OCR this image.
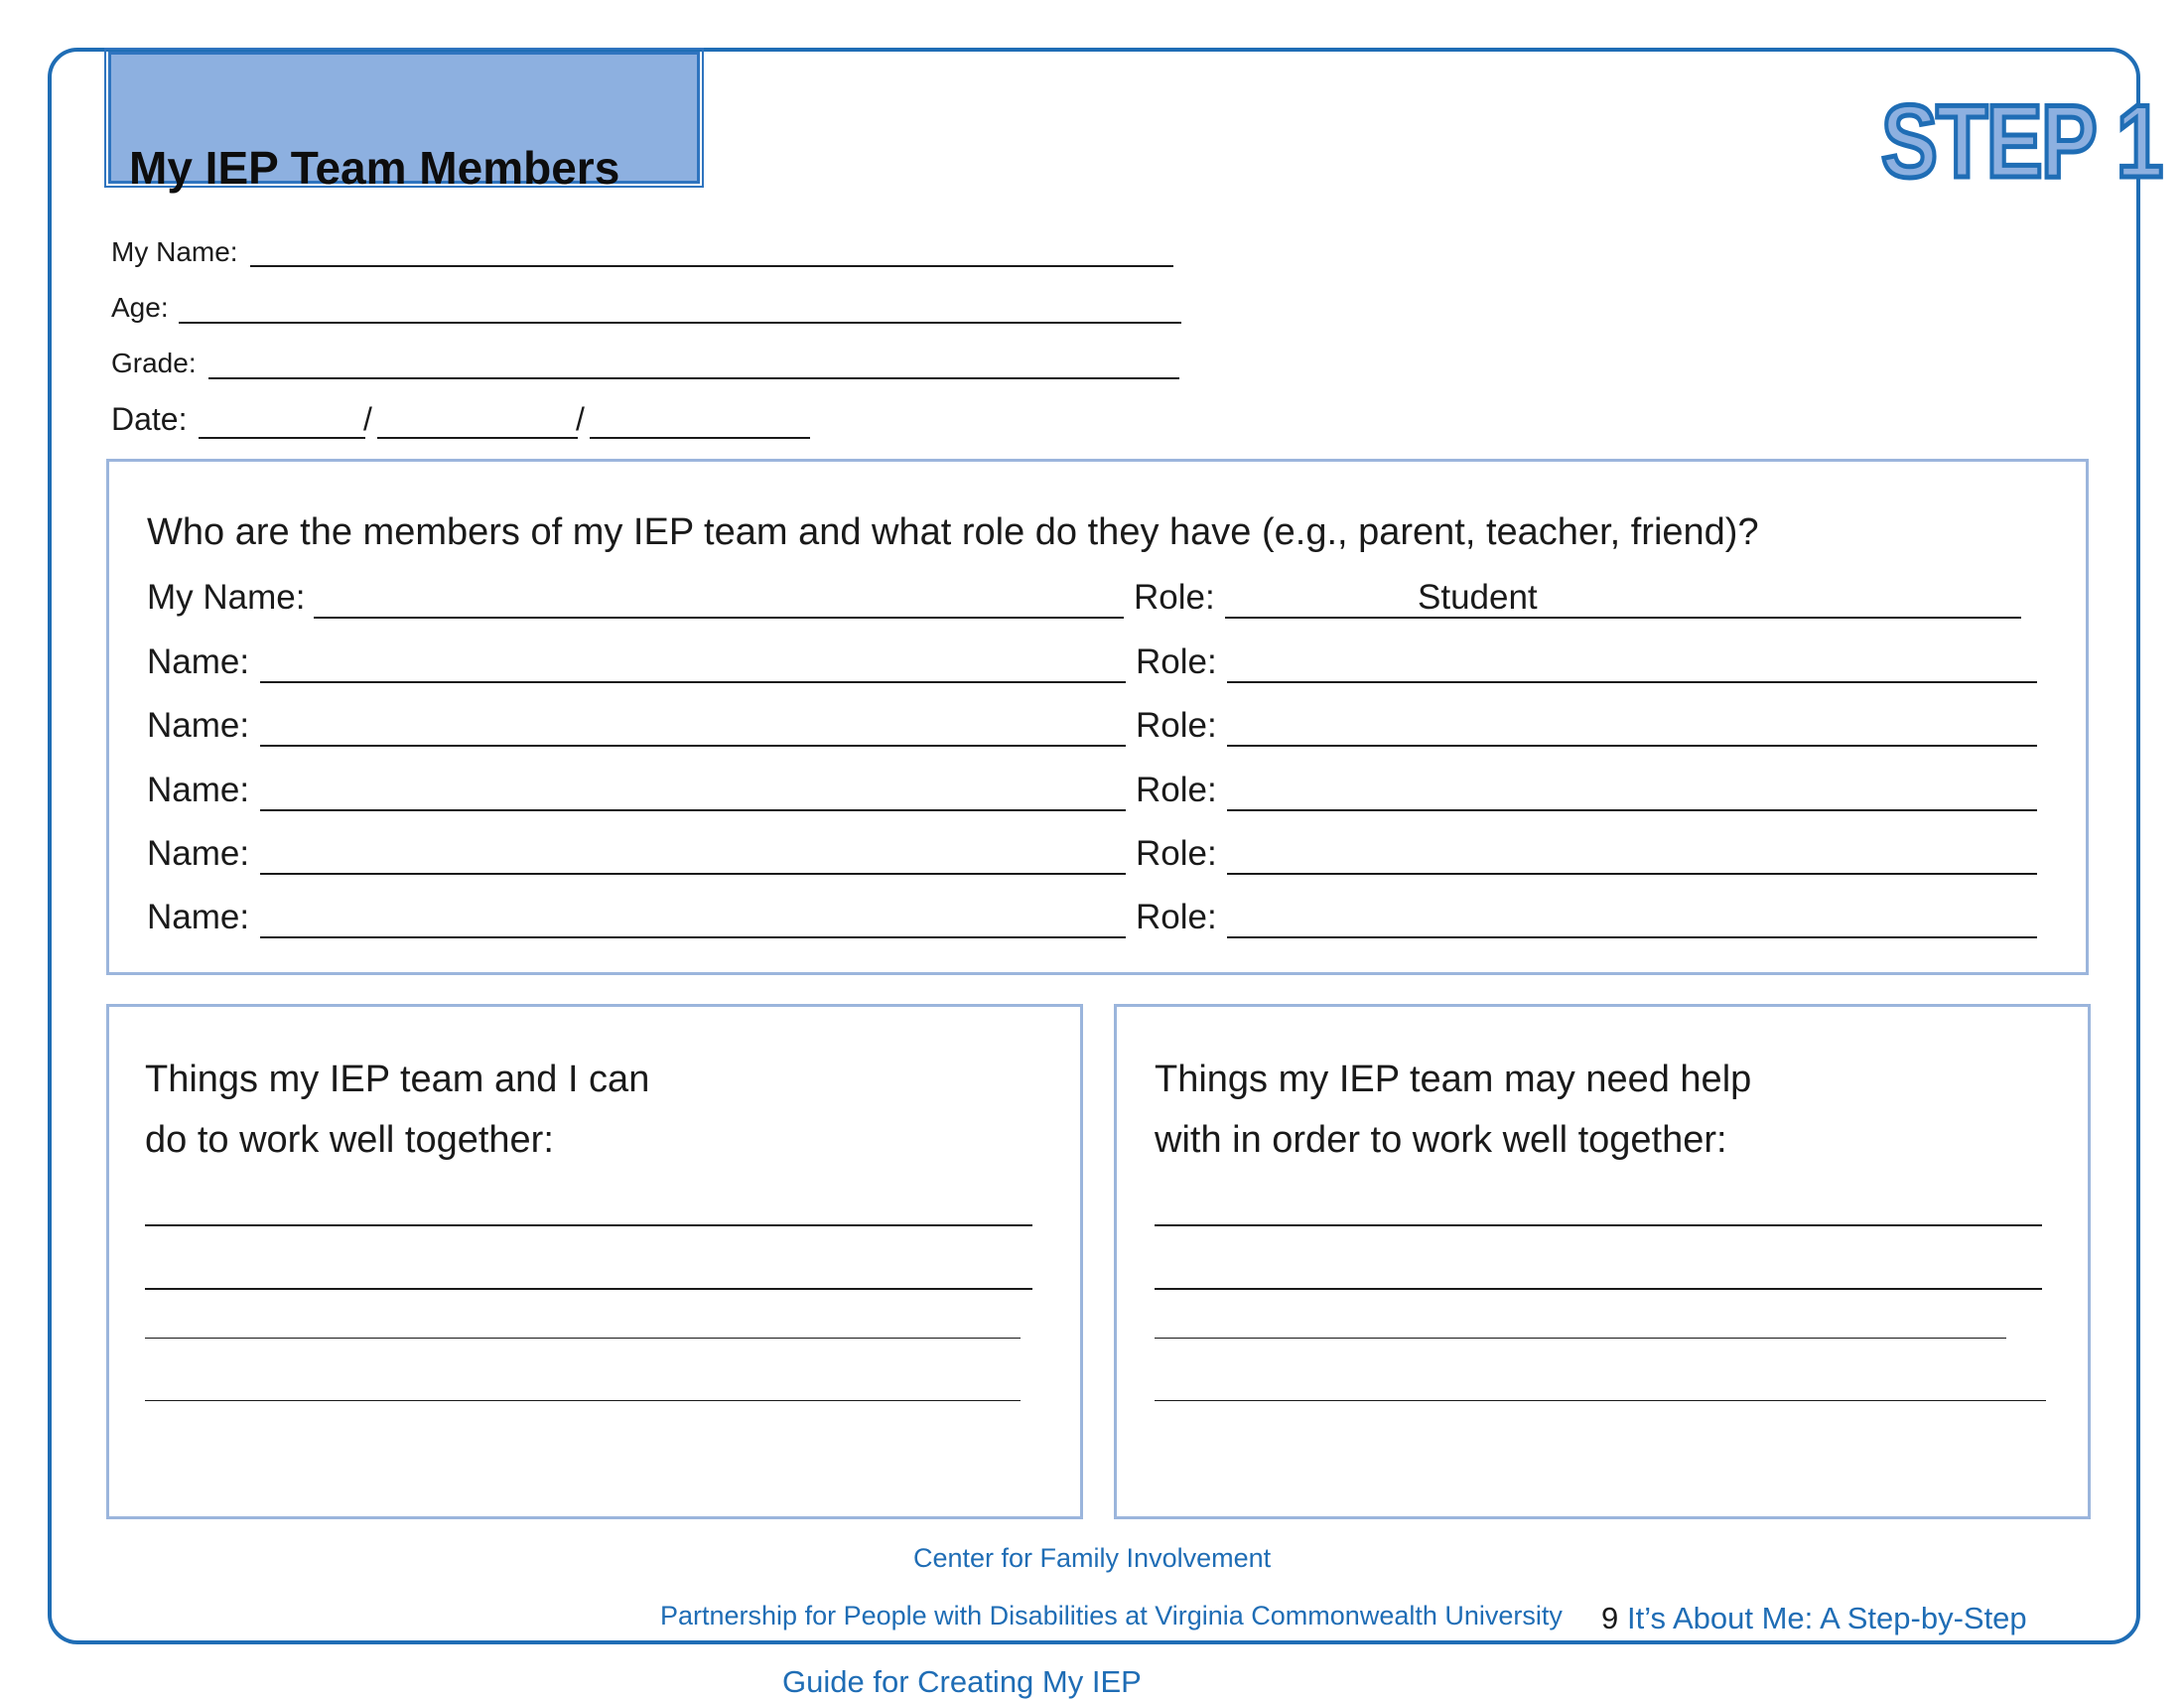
My IEP Team Members	STEP 1
My Name:
Age:
Grade:
Date:	/	/
Who are the members of my IEP team and what role do they have (e.g., parent, teacher, friend)?
My Name:	Role:	Student
Name:	Role:
Name:	Role:
Name:	Role:
Name:	Role:
Name:	Role:
Things my IEP team and I can
do to work well together:
Things my IEP team may need help
with in order to work well together:
Center for Family Involvement
Partnership for People with Disabilities at Virginia Commonwealth University 9 It’s About Me: A Step-by-Step
Guide for Creating My IEP
